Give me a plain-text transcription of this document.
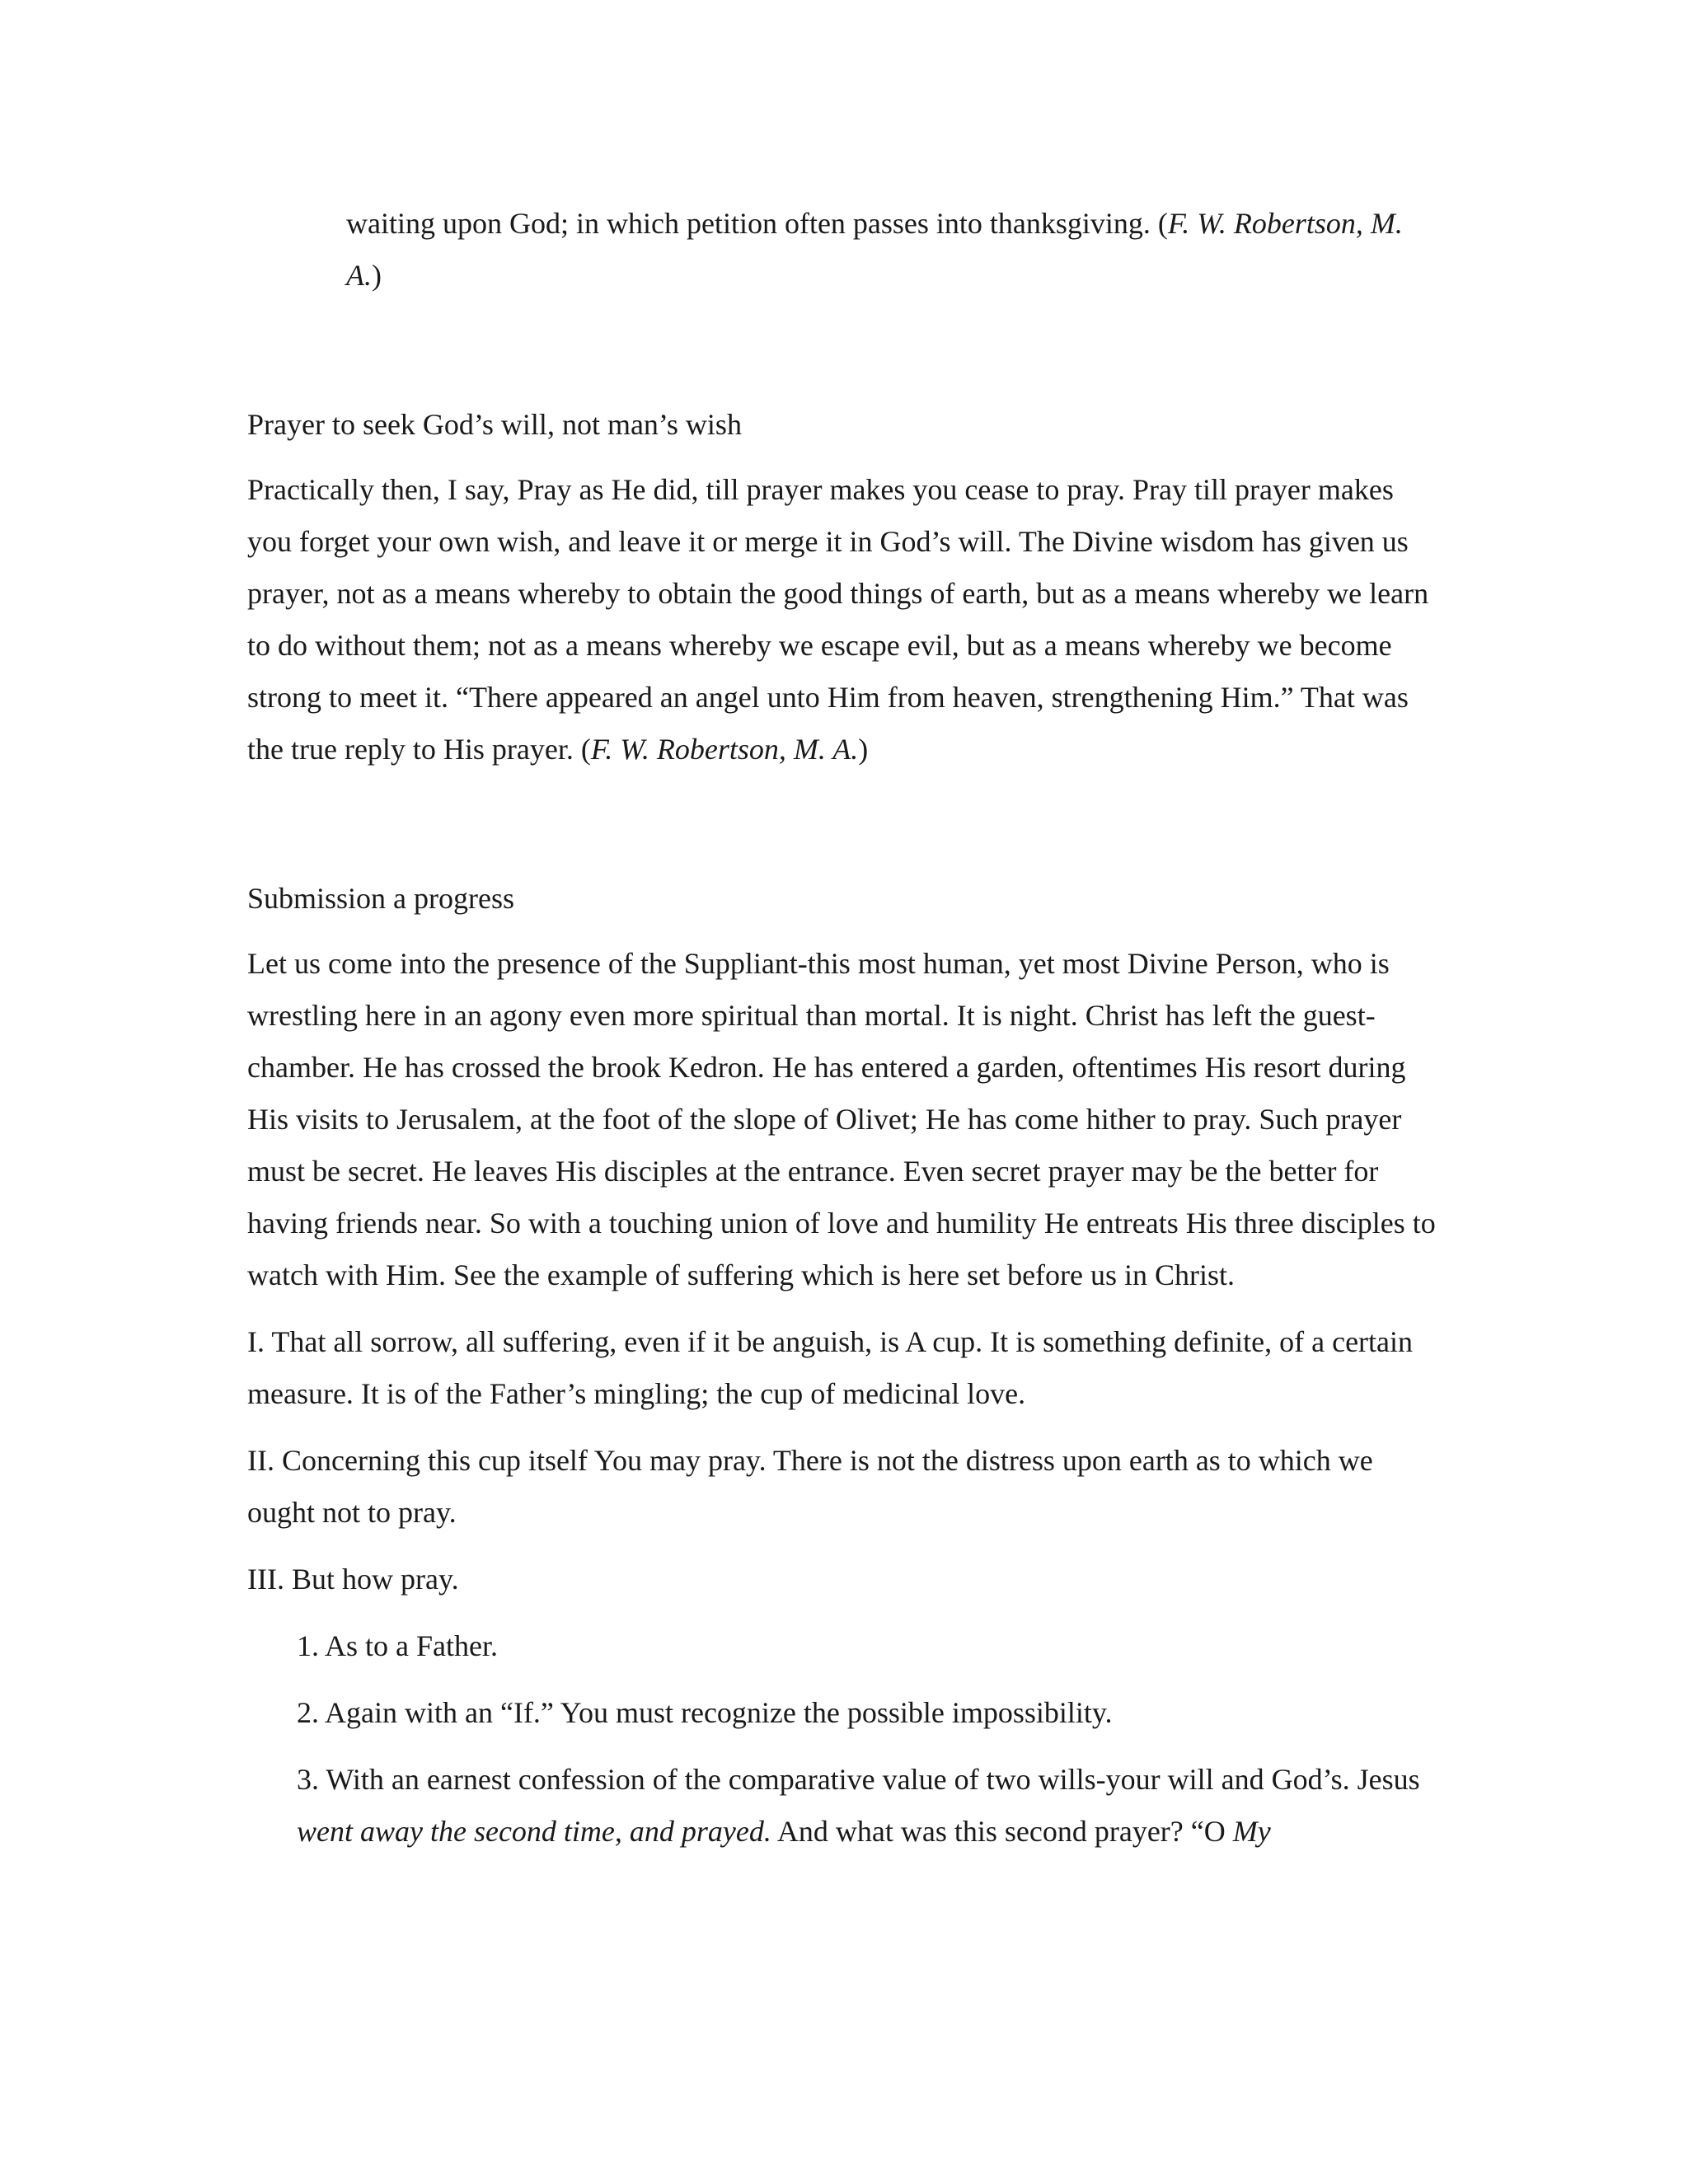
waiting upon God; in which petition often passes into thanksgiving. (F. W. Robertson, M. A.)

Prayer to seek God’s will, not man’s wish

Practically then, I say, Pray as He did, till prayer makes you cease to pray. Pray till prayer makes you forget your own wish, and leave it or merge it in God’s will. The Divine wisdom has given us prayer, not as a means whereby to obtain the good things of earth, but as a means whereby we learn to do without them; not as a means whereby we escape evil, but as a means whereby we become strong to meet it. “There appeared an angel unto Him from heaven, strengthening Him.” That was the true reply to His prayer. (F. W. Robertson, M. A.)

Submission a progress

Let us come into the presence of the Suppliant-this most human, yet most Divine Person, who is wrestling here in an agony even more spiritual than mortal. It is night. Christ has left the guest-chamber. He has crossed the brook Kedron. He has entered a garden, oftentimes His resort during His visits to Jerusalem, at the foot of the slope of Olivet; He has come hither to pray. Such prayer must be secret. He leaves His disciples at the entrance. Even secret prayer may be the better for having friends near. So with a touching union of love and humility He entreats His three disciples to watch with Him. See the example of suffering which is here set before us in Christ.

I. That all sorrow, all suffering, even if it be anguish, is A cup. It is something definite, of a certain measure. It is of the Father’s mingling; the cup of medicinal love.

II. Concerning this cup itself You may pray. There is not the distress upon earth as to which we ought not to pray.

III. But how pray.

1. As to a Father.

2. Again with an “If.” You must recognize the possible impossibility.

3. With an earnest confession of the comparative value of two wills-your will and God’s. Jesus went away the second time, and prayed. And what was this second prayer? “O My
